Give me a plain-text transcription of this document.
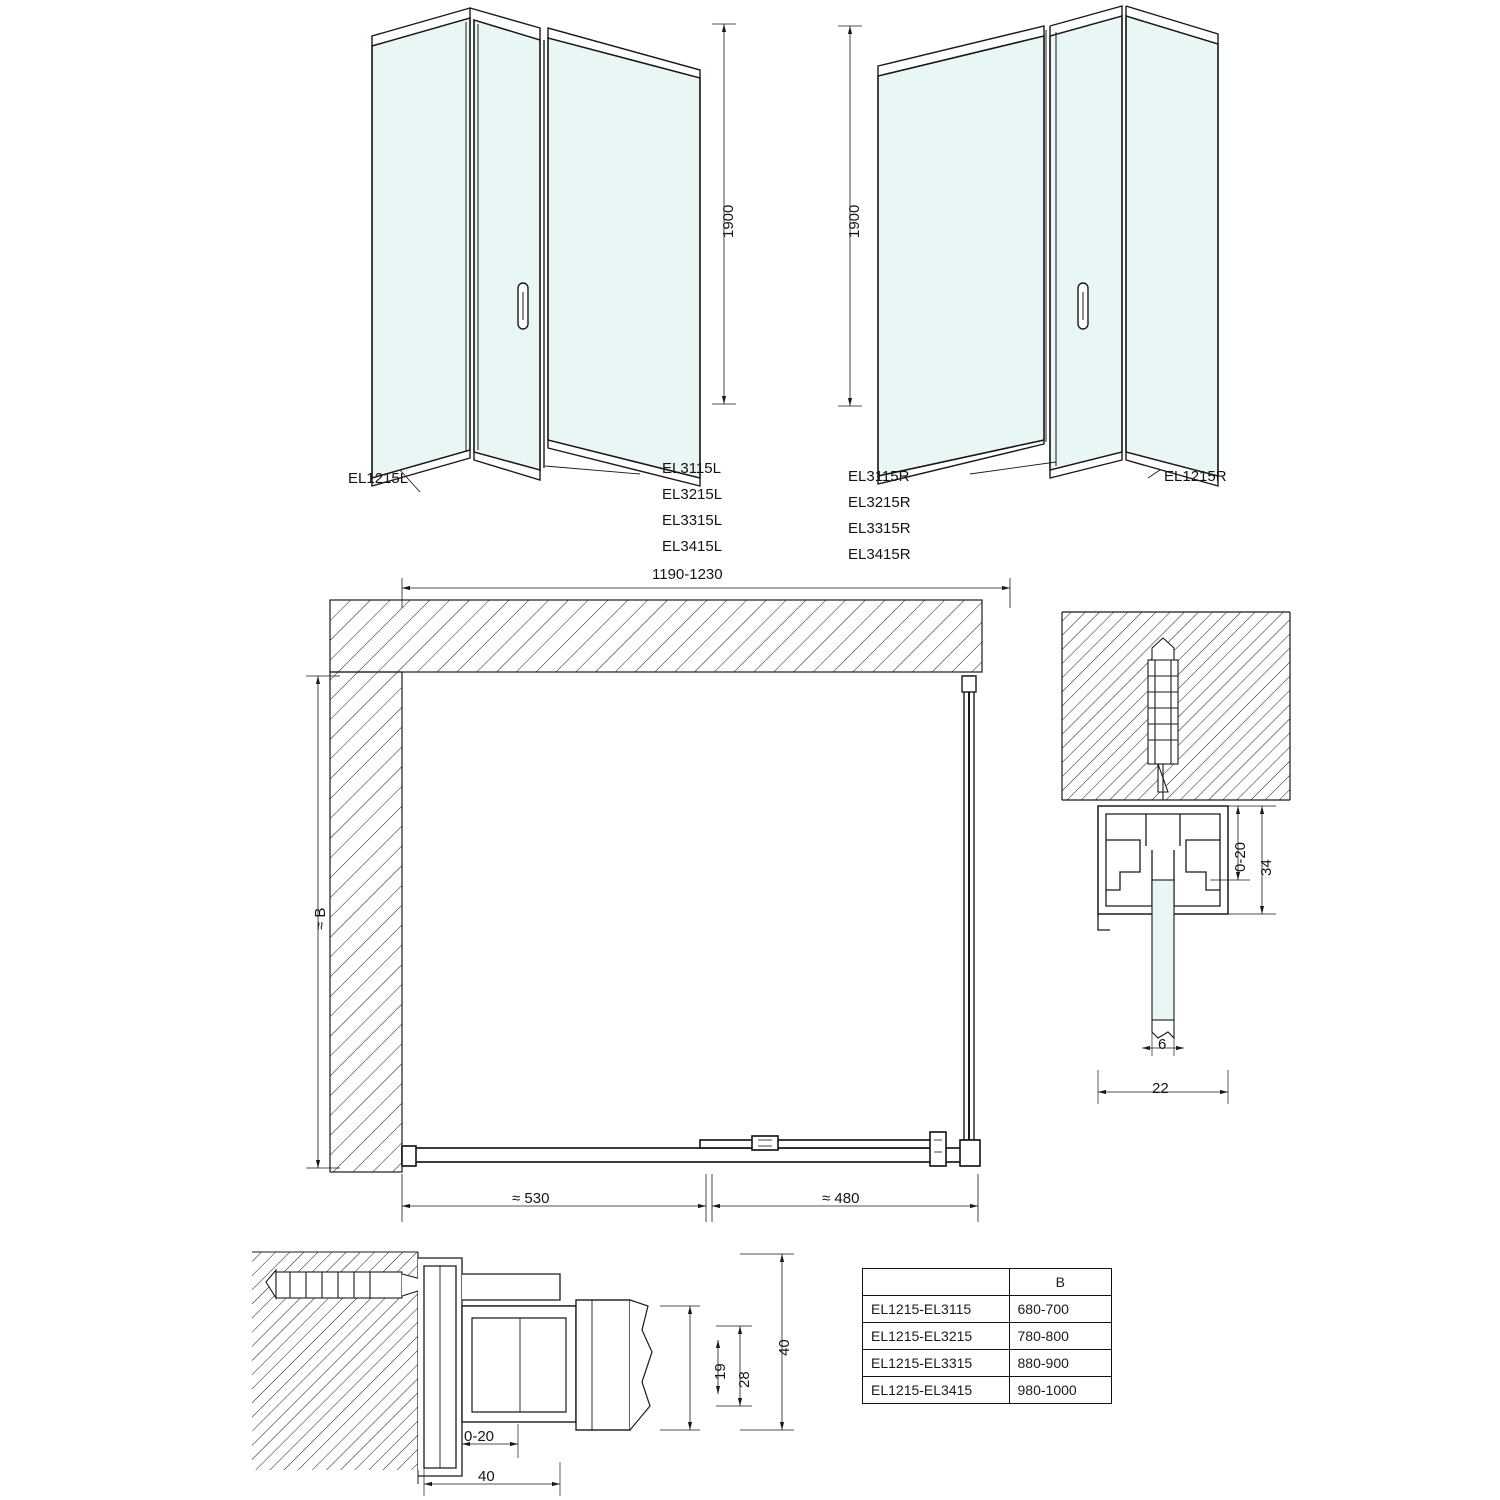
1900	1900
EL1215L
EL3115L
EL3215L
EL3315L
EL3415L
EL3115R
EL3215R
EL3315R
EL3415R
EL1215R
1190-1230
≈ B
≈ 530	≈ 480
0-20 34
6
22
0-20
40
19 28
40
	B
EL1215-EL3115	680-700
EL1215-EL3215	780-800
EL1215-EL3315	880-900
EL1215-EL3415	980-1000
